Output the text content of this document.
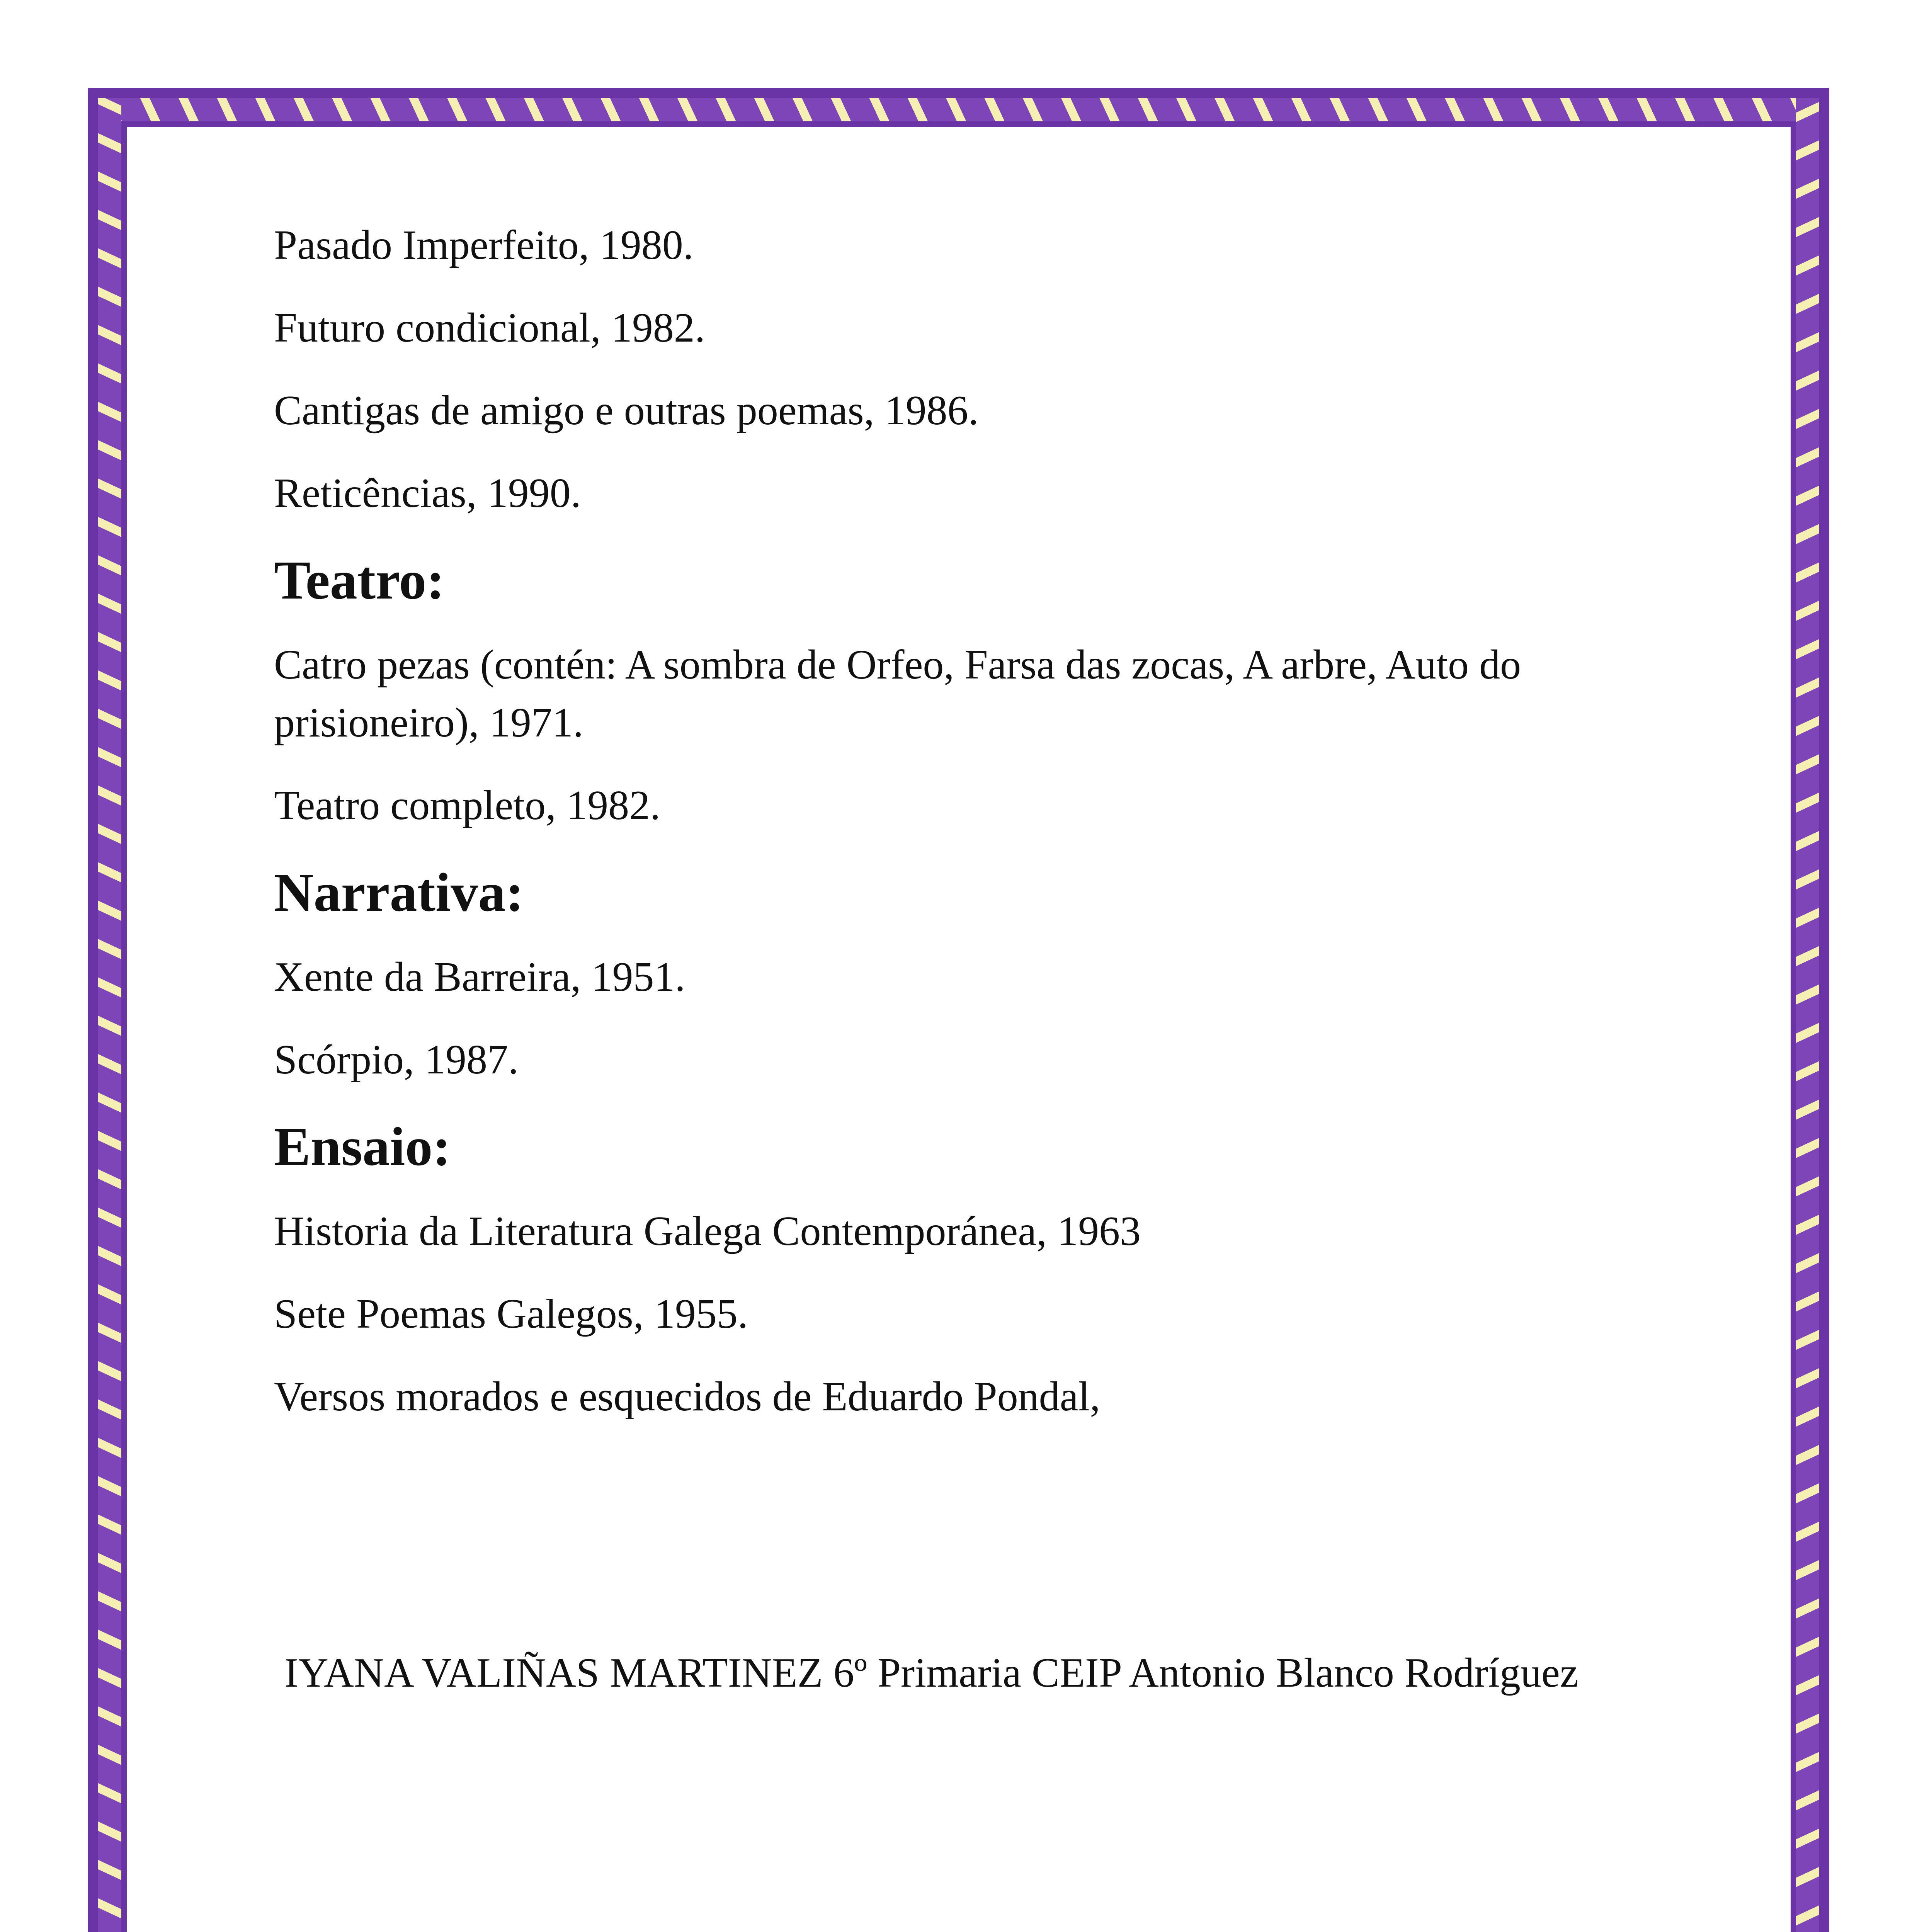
Pasado Imperfeito, 1980.

Futuro condicional, 1982.

Cantigas de amigo e outras poemas, 1986.

Reticências, 1990.

Teatro:

Catro pezas (contén: A sombra de Orfeo, Farsa das zocas, A arbre, Auto do prisioneiro), 1971.

Teatro completo, 1982.

Narrativa:

Xente da Barreira, 1951.

Scórpio, 1987.

Ensaio:

Historia da Literatura Galega Contemporánea, 1963

Sete Poemas Galegos, 1955.

Versos morados e esquecidos de Eduardo Pondal,

IYANA VALIÑAS MARTINEZ 6º Primaria CEIP Antonio Blanco Rodríguez
